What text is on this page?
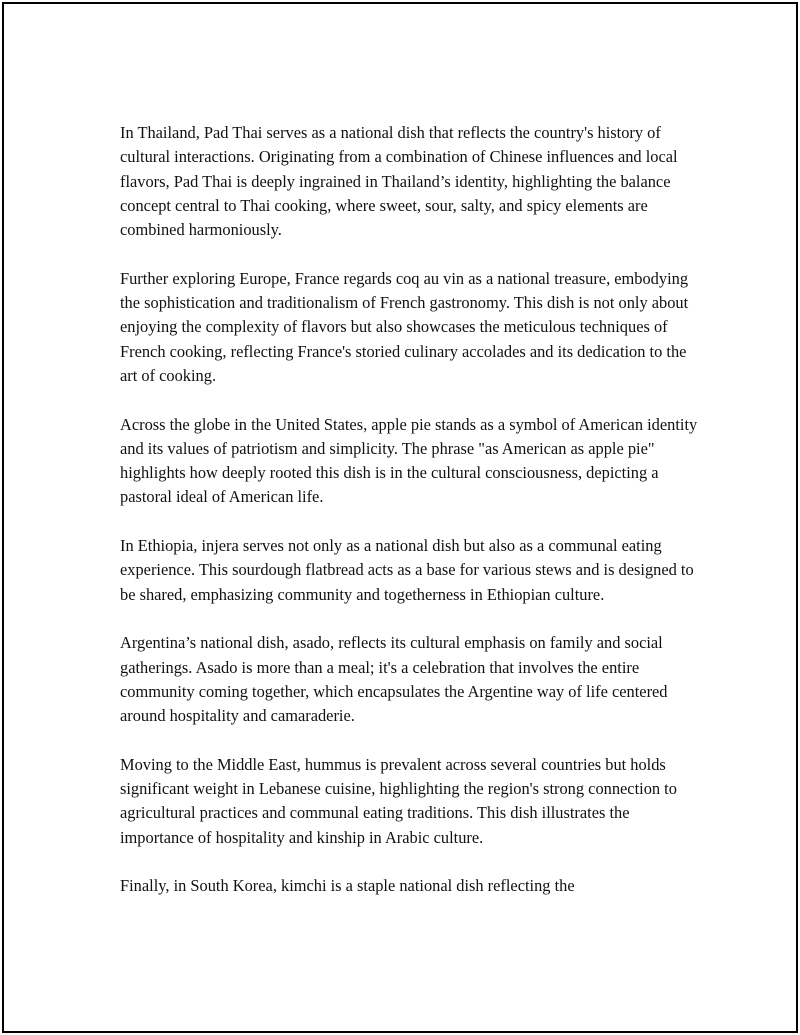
In Thailand, Pad Thai serves as a national dish that reflects the country's history of cultural interactions. Originating from a combination of Chinese influences and local flavors, Pad Thai is deeply ingrained in Thailand’s identity, highlighting the balance concept central to Thai cooking, where sweet, sour, salty, and spicy elements are combined harmoniously.

Further exploring Europe, France regards coq au vin as a national treasure, embodying the sophistication and traditionalism of French gastronomy. This dish is not only about enjoying the complexity of flavors but also showcases the meticulous techniques of French cooking, reflecting France's storied culinary accolades and its dedication to the art of cooking.

Across the globe in the United States, apple pie stands as a symbol of American identity and its values of patriotism and simplicity. The phrase "as American as apple pie" highlights how deeply rooted this dish is in the cultural consciousness, depicting a pastoral ideal of American life.

In Ethiopia, injera serves not only as a national dish but also as a communal eating experience. This sourdough flatbread acts as a base for various stews and is designed to be shared, emphasizing community and togetherness in Ethiopian culture.

Argentina’s national dish, asado, reflects its cultural emphasis on family and social gatherings. Asado is more than a meal; it's a celebration that involves the entire community coming together, which encapsulates the Argentine way of life centered around hospitality and camaraderie.

Moving to the Middle East, hummus is prevalent across several countries but holds significant weight in Lebanese cuisine, highlighting the region's strong connection to agricultural practices and communal eating traditions. This dish illustrates the importance of hospitality and kinship in Arabic culture.

Finally, in South Korea, kimchi is a staple national dish reflecting the
